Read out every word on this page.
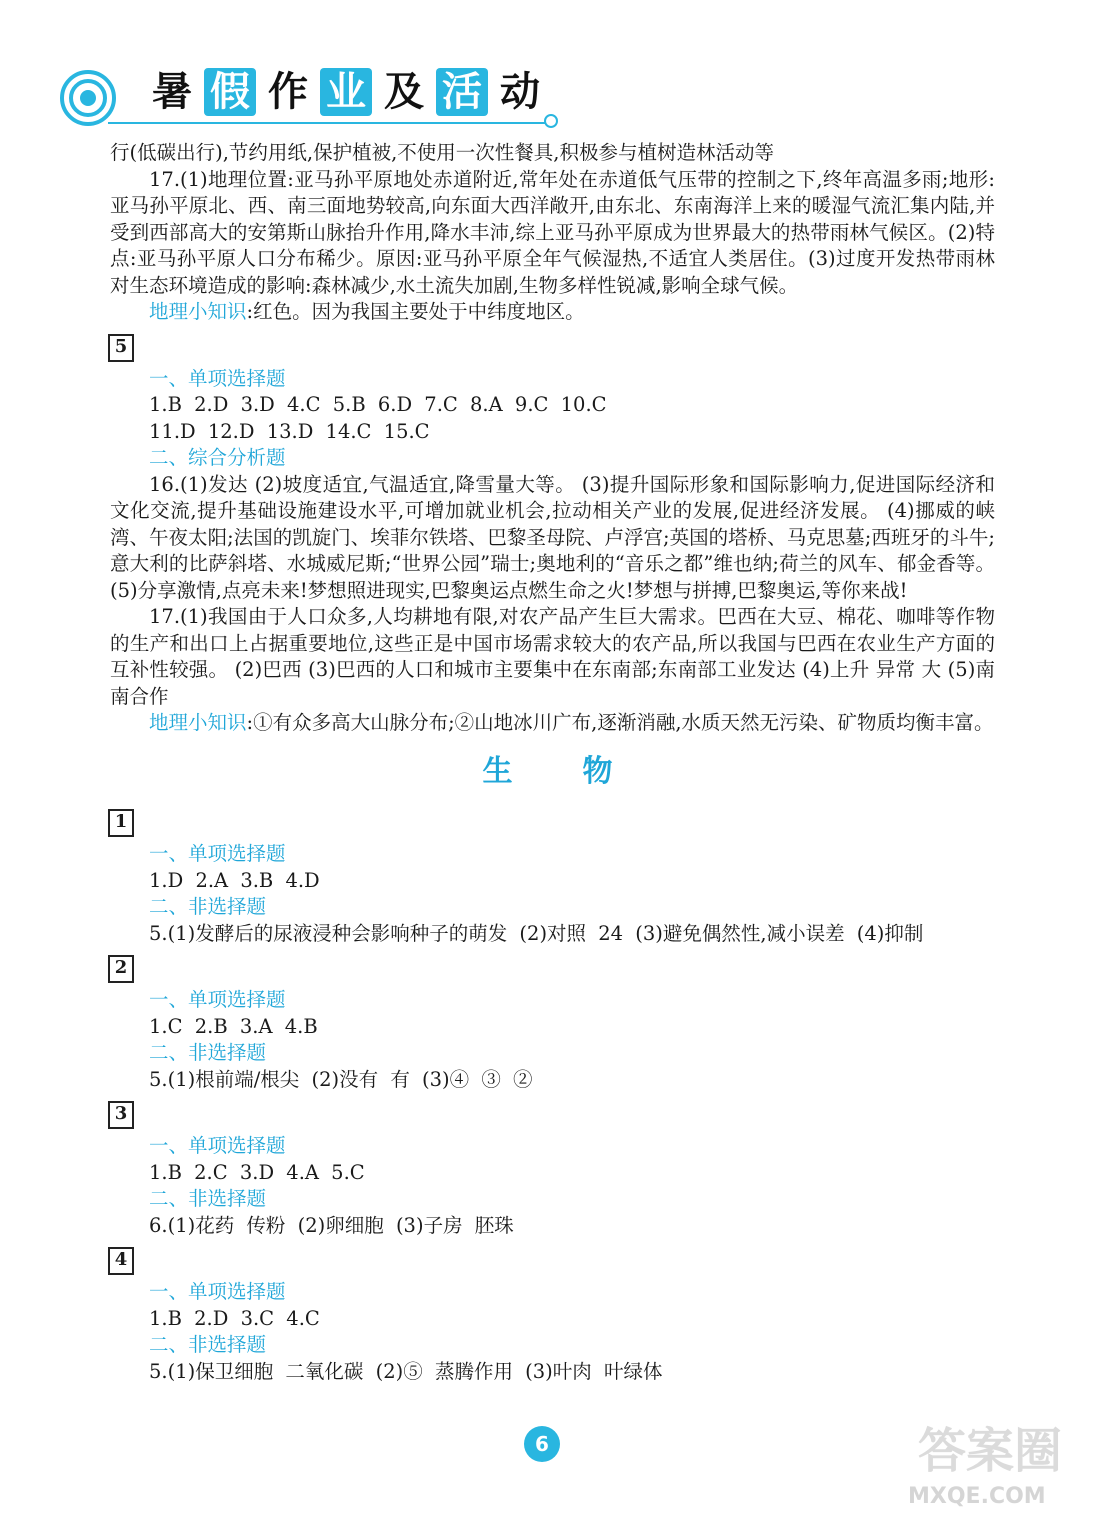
暑 假 作 业 及 活 动

行(低碳出行),节约用纸,保护植被,不使用一次性餐具,积极参与植树造林活动等

17.(1)地理位置:亚马孙平原地处赤道附近,常年处在赤道低气压带的控制之下,终年高温多雨;地形:亚马孙平原北、西、南三面地势较高,向东面大西洋敞开,由东北、东南海洋上来的暖湿气流汇集内陆,并受到西部高大的安第斯山脉抬升作用,降水丰沛,综上亚马孙平原成为世界最大的热带雨林气候区。(2)特点:亚马孙平原人口分布稀少。原因:亚马孙平原全年气候湿热,不适宜人类居住。(3)过度开发热带雨林对生态环境造成的影响:森林减少,水土流失加剧,生物多样性锐减,影响全球气候。

地理小知识:红色。因为我国主要处于中纬度地区。

5

一、单项选择题

1.B 2.D 3.D 4.C 5.B 6.D 7.C 8.A 9.C 10.C

11.D 12.D 13.D 14.C 15.C

二、综合分析题

16.(1)发达 (2)坡度适宜,气温适宜,降雪量大等。 (3)提升国际形象和国际影响力,促进国际经济和文化交流,提升基础设施建设水平,可增加就业机会,拉动相关产业的发展,促进经济发展。 (4)挪威的峡湾、午夜太阳;法国的凯旋门、埃菲尔铁塔、巴黎圣母院、卢浮宫;英国的塔桥、马克思墓;西班牙的斗牛;意大利的比萨斜塔、水城威尼斯;“世界公园”瑞士;奥地利的“音乐之都”维也纳;荷兰的风车、郁金香等。 (5)分享激情,点亮未来!梦想照进现实,巴黎奥运点燃生命之火!梦想与拼搏,巴黎奥运,等你来战!

17.(1)我国由于人口众多,人均耕地有限,对农产品产生巨大需求。巴西在大豆、棉花、咖啡等作物的生产和出口上占据重要地位,这些正是中国市场需求较大的农产品,所以我国与巴西在农业生产方面的互补性较强。 (2)巴西 (3)巴西的人口和城市主要集中在东南部;东南部工业发达 (4)上升 异常 大 (5)南南合作

地理小知识:①有众多高大山脉分布;②山地冰川广布,逐渐消融,水质天然无污染、矿物质均衡丰富。

生物
1

一、单项选择题

1.D 2.A 3.B 4.D

二、非选择题

5.(1)发酵后的尿液浸种会影响种子的萌发 (2)对照 24 (3)避免偶然性,减小误差 (4)抑制

2

一、单项选择题

1.C 2.B 3.A 4.B

二、非选择题

5.(1)根前端/根尖 (2)没有 有 (3)④ ③ ②

3

一、单项选择题

1.B 2.C 3.D 4.A 5.C

二、非选择题

6.(1)花药 传粉 (2)卵细胞 (3)子房 胚珠

4

一、单项选择题

1.B 2.D 3.C 4.C

二、非选择题

5.(1)保卫细胞 二氧化碳 (2)⑤ 蒸腾作用 (3)叶肉 叶绿体

6	答案圈
MXQE.COM
